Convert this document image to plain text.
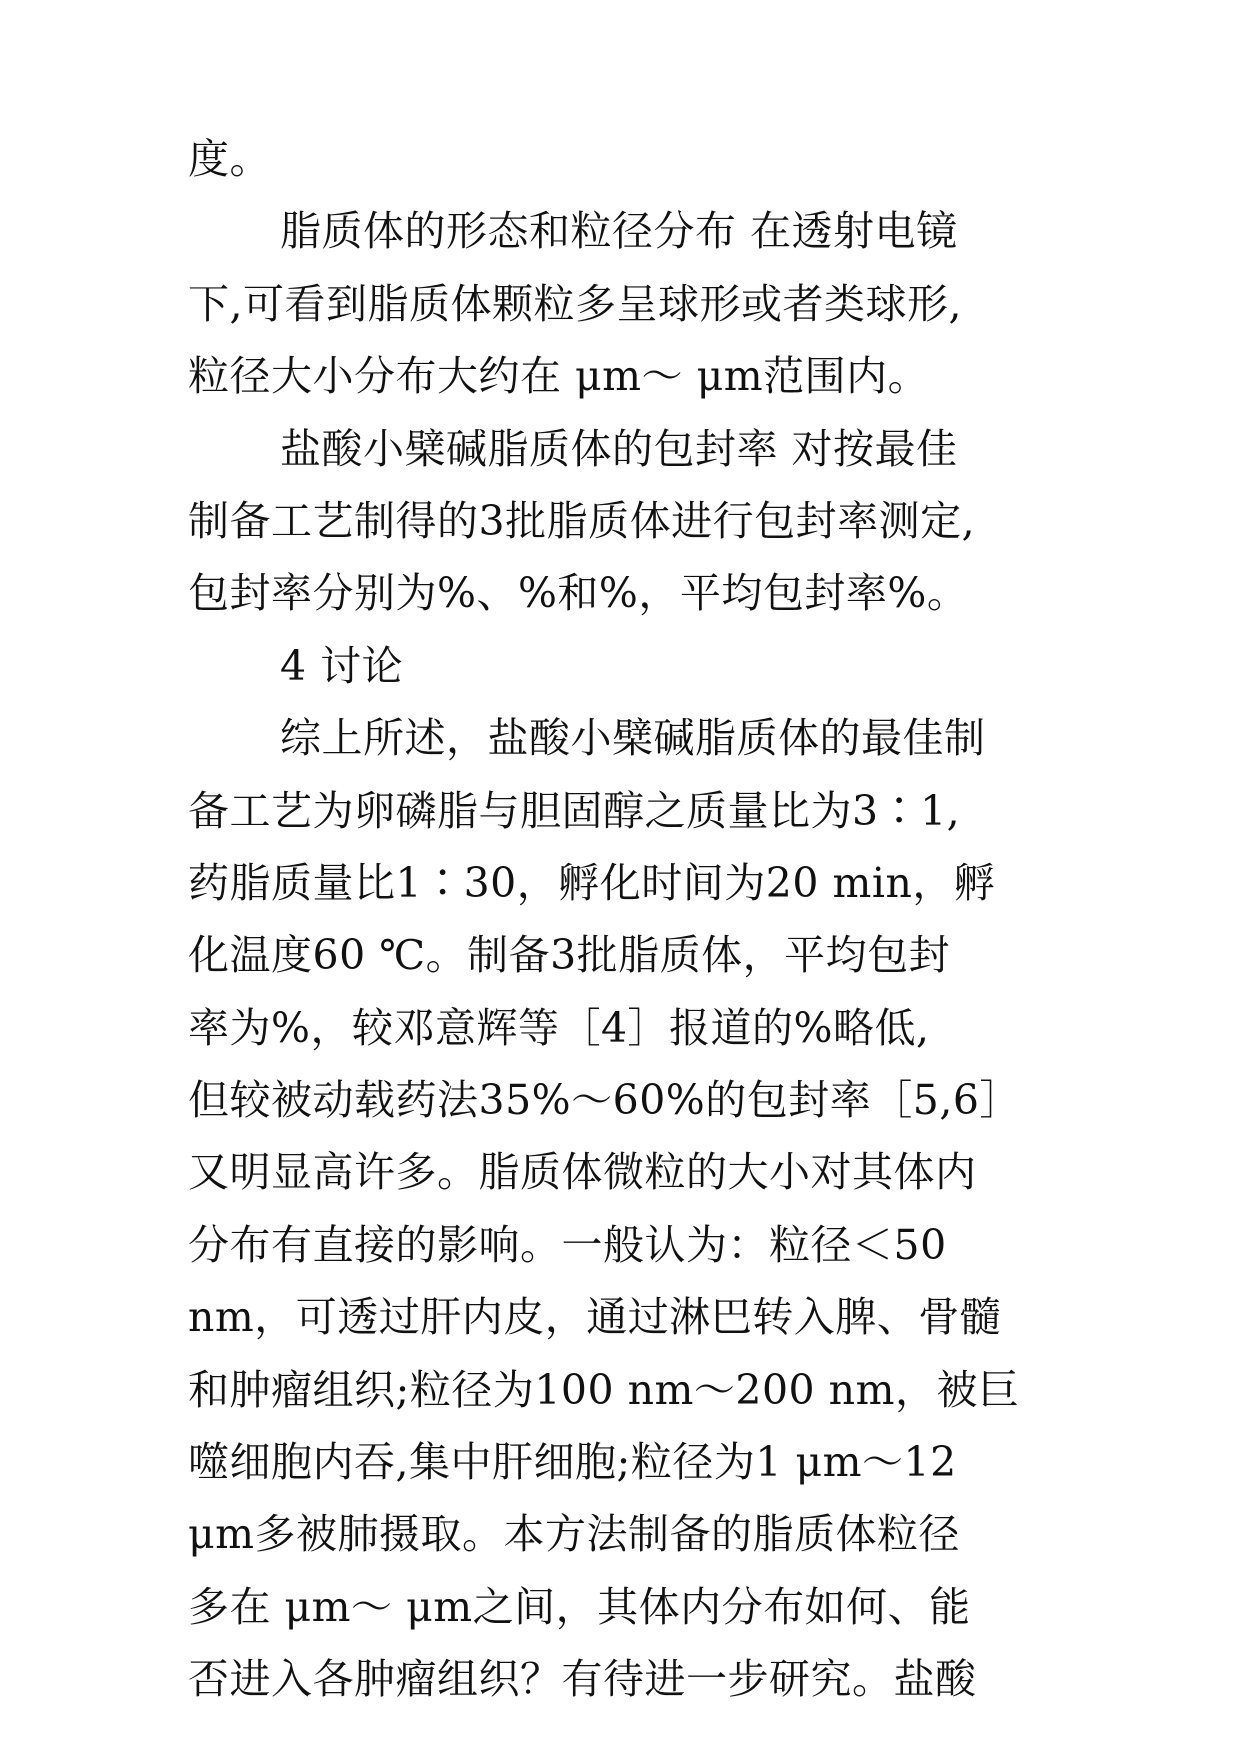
度。
脂质体的形态和粒径分布 在透射电镜
下,可看到脂质体颗粒多呈球形或者类球形,
粒径大小分布大约在 μm～ μm范围内。
盐酸小檗碱脂质体的包封率 对按最佳
制备工艺制得的3批脂质体进行包封率测定,
包封率分别为%、%和%，平均包封率%。
4 讨论
综上所述，盐酸小檗碱脂质体的最佳制
备工艺为卵磷脂与胆固醇之质量比为3∶1,
药脂质量比1∶30，孵化时间为20 min，孵
化温度60 ℃。制备3批脂质体，平均包封
率为%，较邓意辉等［4］报道的%略低,
但较被动载药法35%～60%的包封率［5,6］
又明显高许多。脂质体微粒的大小对其体内
分布有直接的影响。一般认为：粒径＜50
nm，可透过肝内皮，通过淋巴转入脾、骨髓
和肿瘤组织;粒径为100 nm～200 nm，被巨
噬细胞内吞,集中肝细胞;粒径为1 μm～12
μm多被肺摄取。本方法制备的脂质体粒径
多在 μm～ μm之间，其体内分布如何、能
否进入各肿瘤组织？有待进一步研究。盐酸
